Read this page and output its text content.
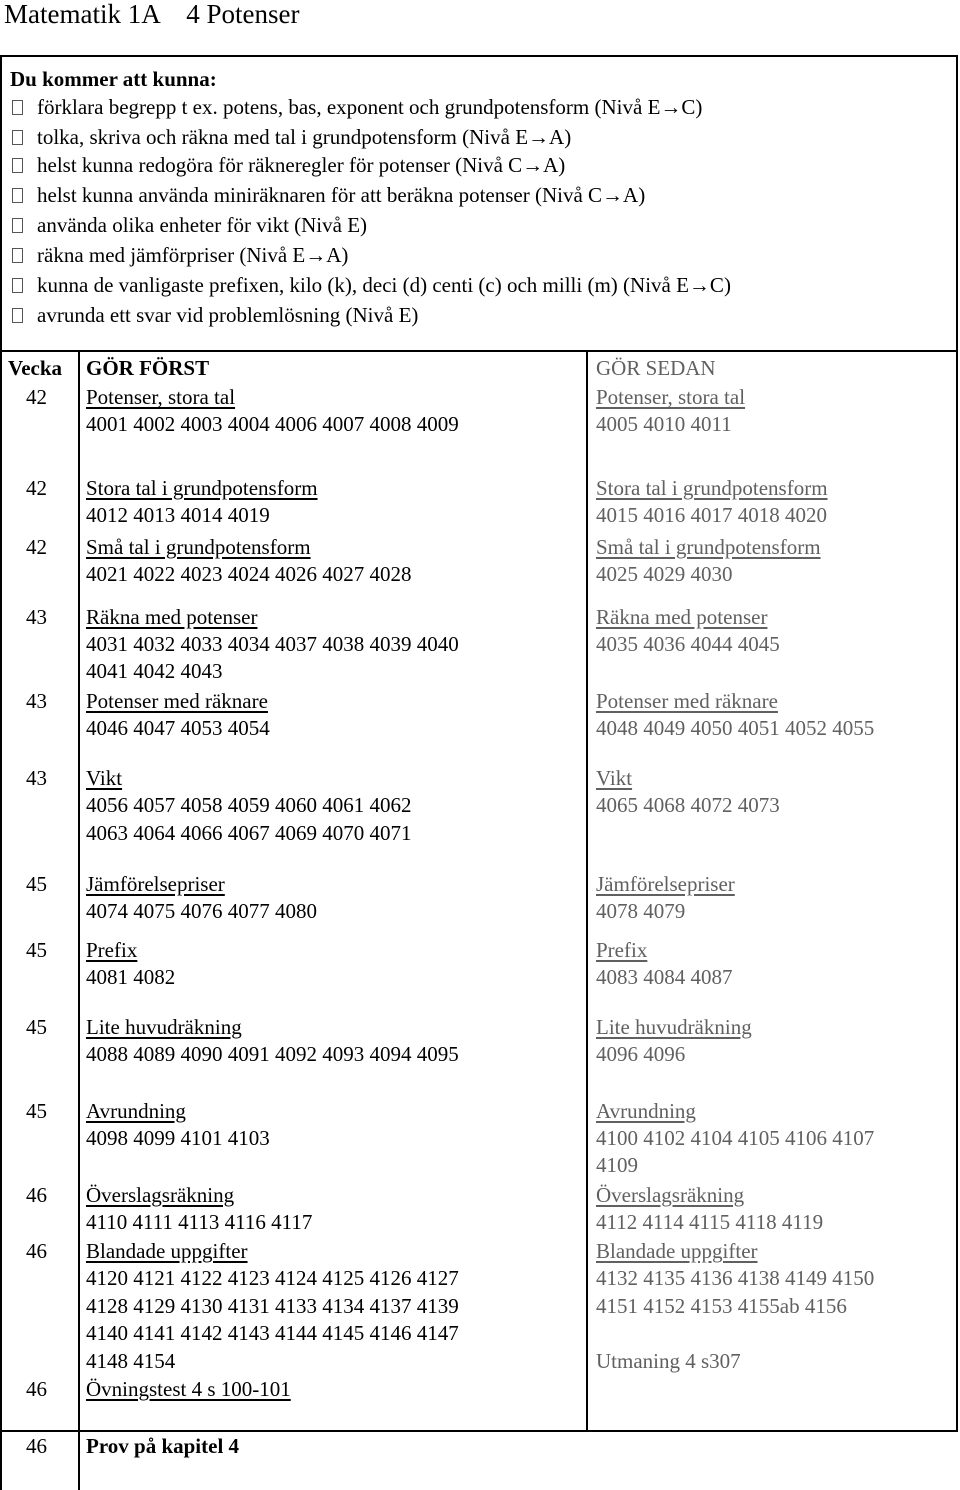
Matematik 1A    4 Potenser
Du kommer att kunna:
förklara begrepp t ex. potens, bas, exponent och grundpotensform (Nivå E→C)
tolka, skriva och räkna med tal i grundpotensform (Nivå E→A)
helst kunna redogöra för räkneregler för potenser (Nivå C→A)
helst kunna använda miniräknaren för att beräkna potenser (Nivå C→A)
använda olika enheter för vikt (Nivå E)
räkna med jämförpriser (Nivå E→A)
kunna de vanligaste prefixen, kilo (k), deci (d) centi (c) och milli (m) (Nivå E→C)
avrunda ett svar vid problemlösning (Nivå E)
Vecka GÖR FÖRST	GÖR SEDAN
42 Potenser, stora tal
4001 4002 4003 4004 4006 4007 4008 4009
Potenser, stora tal
4005 4010 4011
42 Stora tal i grundpotensform
4012 4013 4014 4019
Stora tal i grundpotensform
4015 4016 4017 4018 4020
42 Små tal i grundpotensform
4021 4022 4023 4024 4026 4027 4028
Små tal i grundpotensform
4025 4029 4030
43 Räkna med potenser
4031 4032 4033 4034 4037 4038 4039 4040
4041 4042 4043
Räkna med potenser
4035 4036 4044 4045
43 Potenser med räknare
4046 4047 4053 4054
Potenser med räknare
4048 4049 4050 4051 4052 4055
43 Vikt
4056 4057 4058 4059 4060 4061 4062
4063 4064 4066 4067 4069 4070 4071
Vikt
4065 4068 4072 4073
45 Jämförelsepriser
4074 4075 4076 4077 4080
Jämförelsepriser
4078 4079
45 Prefix
4081 4082
Prefix
4083 4084 4087
45 Lite huvudräkning
4088 4089 4090 4091 4092 4093 4094 4095
Lite huvudräkning
4096 4096
45 Avrundning
4098 4099 4101 4103
Avrundning
4100 4102 4104 4105 4106 4107
4109
46 Överslagsräkning
4110 4111 4113 4116 4117
Överslagsräkning
4112 4114 4115 4118 4119
46 Blandade uppgifter
4120 4121 4122 4123 4124 4125 4126 4127
4128 4129 4130 4131 4133 4134 4137 4139
4140 4141 4142 4143 4144 4145 4146 4147
4148 4154
Blandade uppgifter
4132 4135 4136 4138 4149 4150
4151 4152 4153 4155ab 4156
Utmaning 4 s307
46 Övningstest 4 s 100-101
46 Prov på kapitel 4
